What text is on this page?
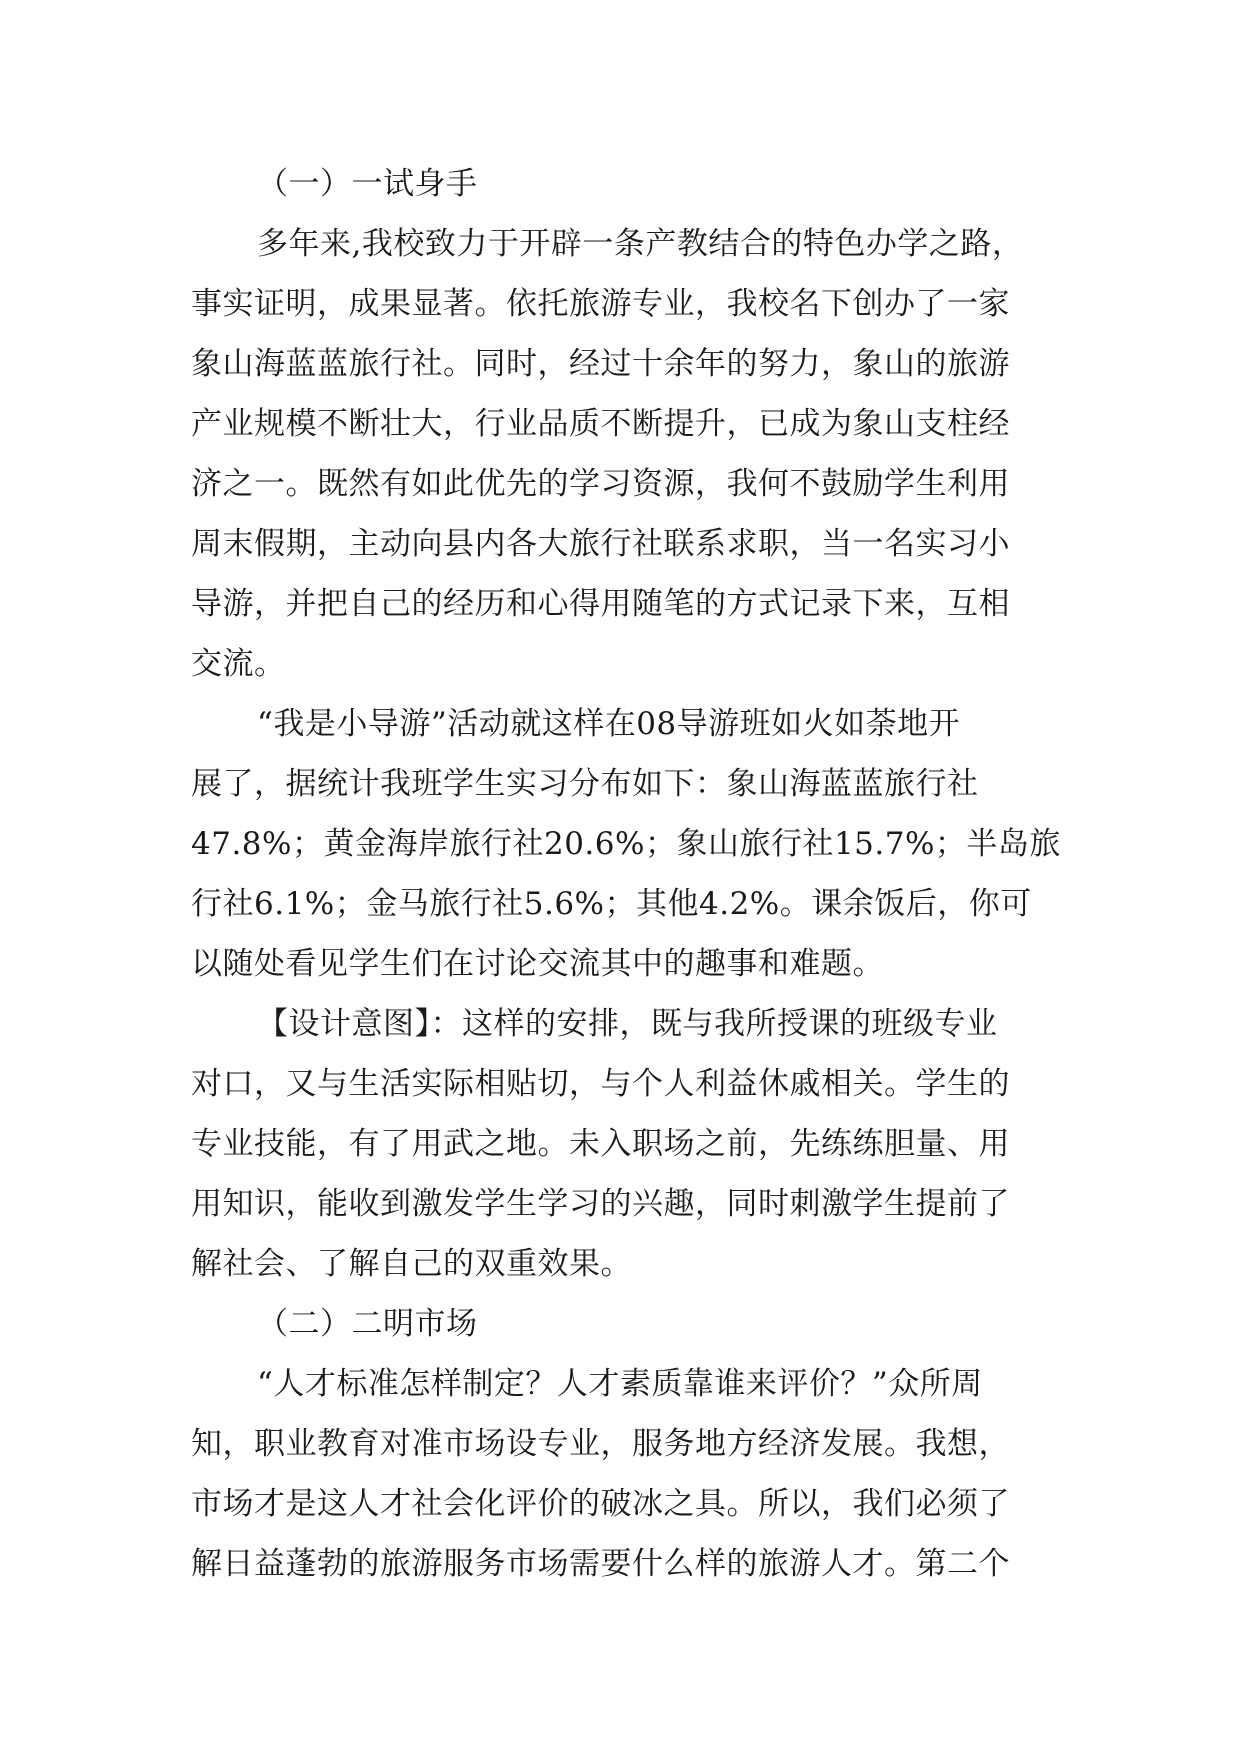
（一）一试身手
多年来,我校致力于开辟一条产教结合的特色办学之路，
事实证明，成果显著。依托旅游专业，我校名下创办了一家
象山海蓝蓝旅行社。同时，经过十余年的努力，象山的旅游
产业规模不断壮大，行业品质不断提升，已成为象山支柱经
济之一。既然有如此优先的学习资源，我何不鼓励学生利用
周末假期，主动向县内各大旅行社联系求职，当一名实习小
导游，并把自己的经历和心得用随笔的方式记录下来，互相
交流。
“我是小导游”活动就这样在08导游班如火如荼地开
展了，据统计我班学生实习分布如下：象山海蓝蓝旅行社
47.8%；黄金海岸旅行社20.6%；象山旅行社15.7%；半岛旅
行社6.1%；金马旅行社5.6%；其他4.2%。课余饭后，你可
以随处看见学生们在讨论交流其中的趣事和难题。
【设计意图】：这样的安排，既与我所授课的班级专业
对口，又与生活实际相贴切，与个人利益休戚相关。学生的
专业技能，有了用武之地。未入职场之前，先练练胆量、用
用知识，能收到激发学生学习的兴趣，同时刺激学生提前了
解社会、了解自己的双重效果。
（二）二明市场
“人才标准怎样制定？人才素质靠谁来评价？”众所周
知，职业教育对准市场设专业，服务地方经济发展。我想，
市场才是这人才社会化评价的破冰之具。所以，我们必须了
解日益蓬勃的旅游服务市场需要什么样的旅游人才。第二个
